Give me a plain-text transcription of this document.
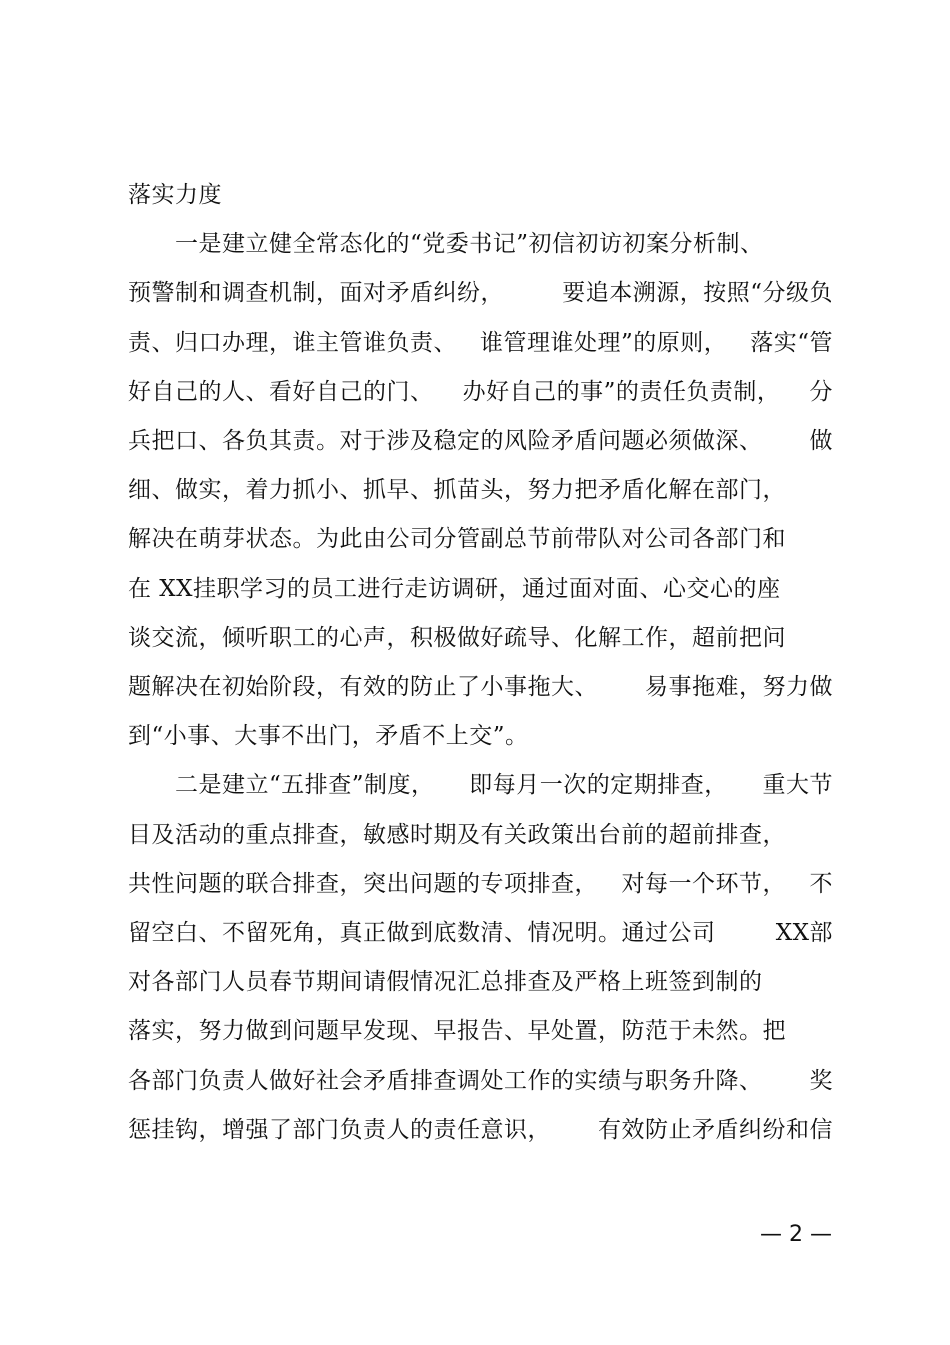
落实力度
　　一是建立健全常态化的“党委书记”初信初访初案分析制、
预警制和调查机制，面对矛盾纠纷，	要追本溯源，按照“分级负
责、归口办理，谁主管谁负责、 谁管理谁处理”的原则， 落实“管
好自己的人、看好自己的门、 办好自己的事”的责任负责制， 分
兵把口、各负其责。对于涉及稳定的风险矛盾问题必须做深、 做
细、做实，着力抓小、抓早、抓苗头，努力把矛盾化解在部门，
解决在萌芽状态。为此由公司分管副总节前带队对公司各部门和
在 XX挂职学习的员工进行走访调研，通过面对面、心交心的座
谈交流，倾听职工的心声，积极做好疏导、化解工作，超前把问
题解决在初始阶段，有效的防止了小事拖大、 易事拖难，努力做
到“小事、大事不出门，矛盾不上交”。
　　二是建立“五排查”制度， 即每月一次的定期排查， 重大节
目及活动的重点排查，敏感时期及有关政策出台前的超前排查，
共性问题的联合排查，突出问题的专项排查， 对每一个环节， 不
留空白、不留死角，真正做到底数清、情况明。通过公司	XX部
对各部门人员春节期间请假情况汇总排查及严格上班签到制的
落实，努力做到问题早发现、早报告、早处置，防范于未然。把
各部门负责人做好社会矛盾排查调处工作的实绩与职务升降、 奖
惩挂钩，增强了部门负责人的责任意识， 有效防止矛盾纠纷和信
— 2 —
